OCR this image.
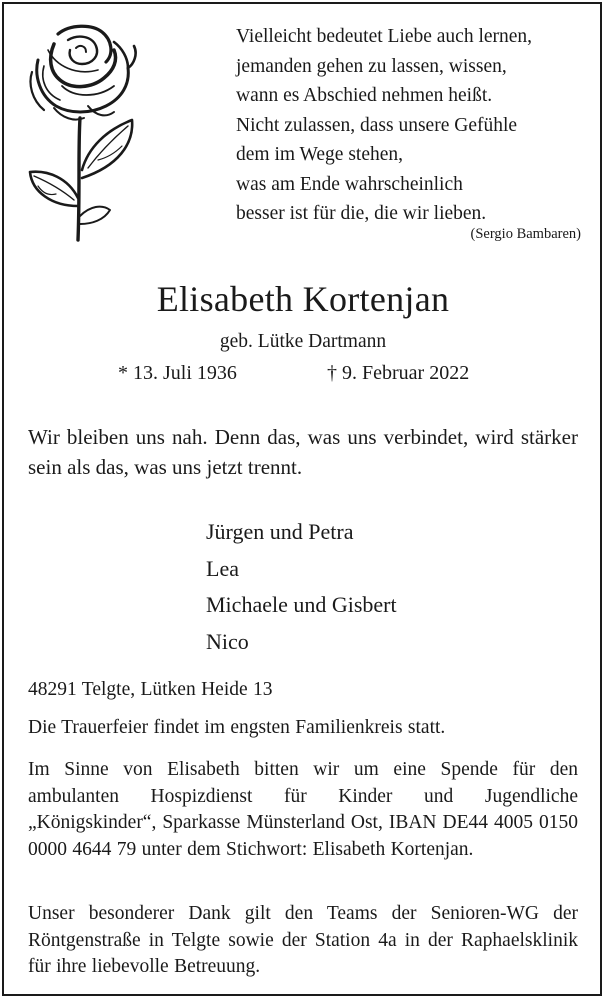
Vielleicht bedeutet Liebe auch lernen,
jemanden gehen zu lassen, wissen,
wann es Abschied nehmen heißt.
Nicht zulassen, dass unsere Gefühle
dem im Wege stehen,
was am Ende wahrscheinlich
besser ist für die, die wir lieben.
(Sergio Bambaren)
Elisabeth Kortenjan
geb. Lütke Dartmann
* 13. Juli 1936	† 9. Februar 2022
Wir bleiben uns nah. Denn das, was uns verbindet, wird stärker sein als das, was uns jetzt trennt.
Jürgen und Petra
Lea
Michaele und Gisbert
Nico
48291 Telgte, Lütken Heide 13
Die Trauerfeier findet im engsten Familienkreis statt.
Im Sinne von Elisabeth bitten wir um eine Spende für den ambulanten Hospizdienst für Kinder und Jugendliche „Königskinder“, Sparkasse Münsterland Ost, IBAN DE44 4005 0150 0000 4644 79 unter dem Stichwort: Elisabeth Kortenjan.
Unser besonderer Dank gilt den Teams der Senioren-WG der Röntgenstraße in Telgte sowie der Station 4a in der Raphaelsklinik für ihre liebevolle Betreuung.
